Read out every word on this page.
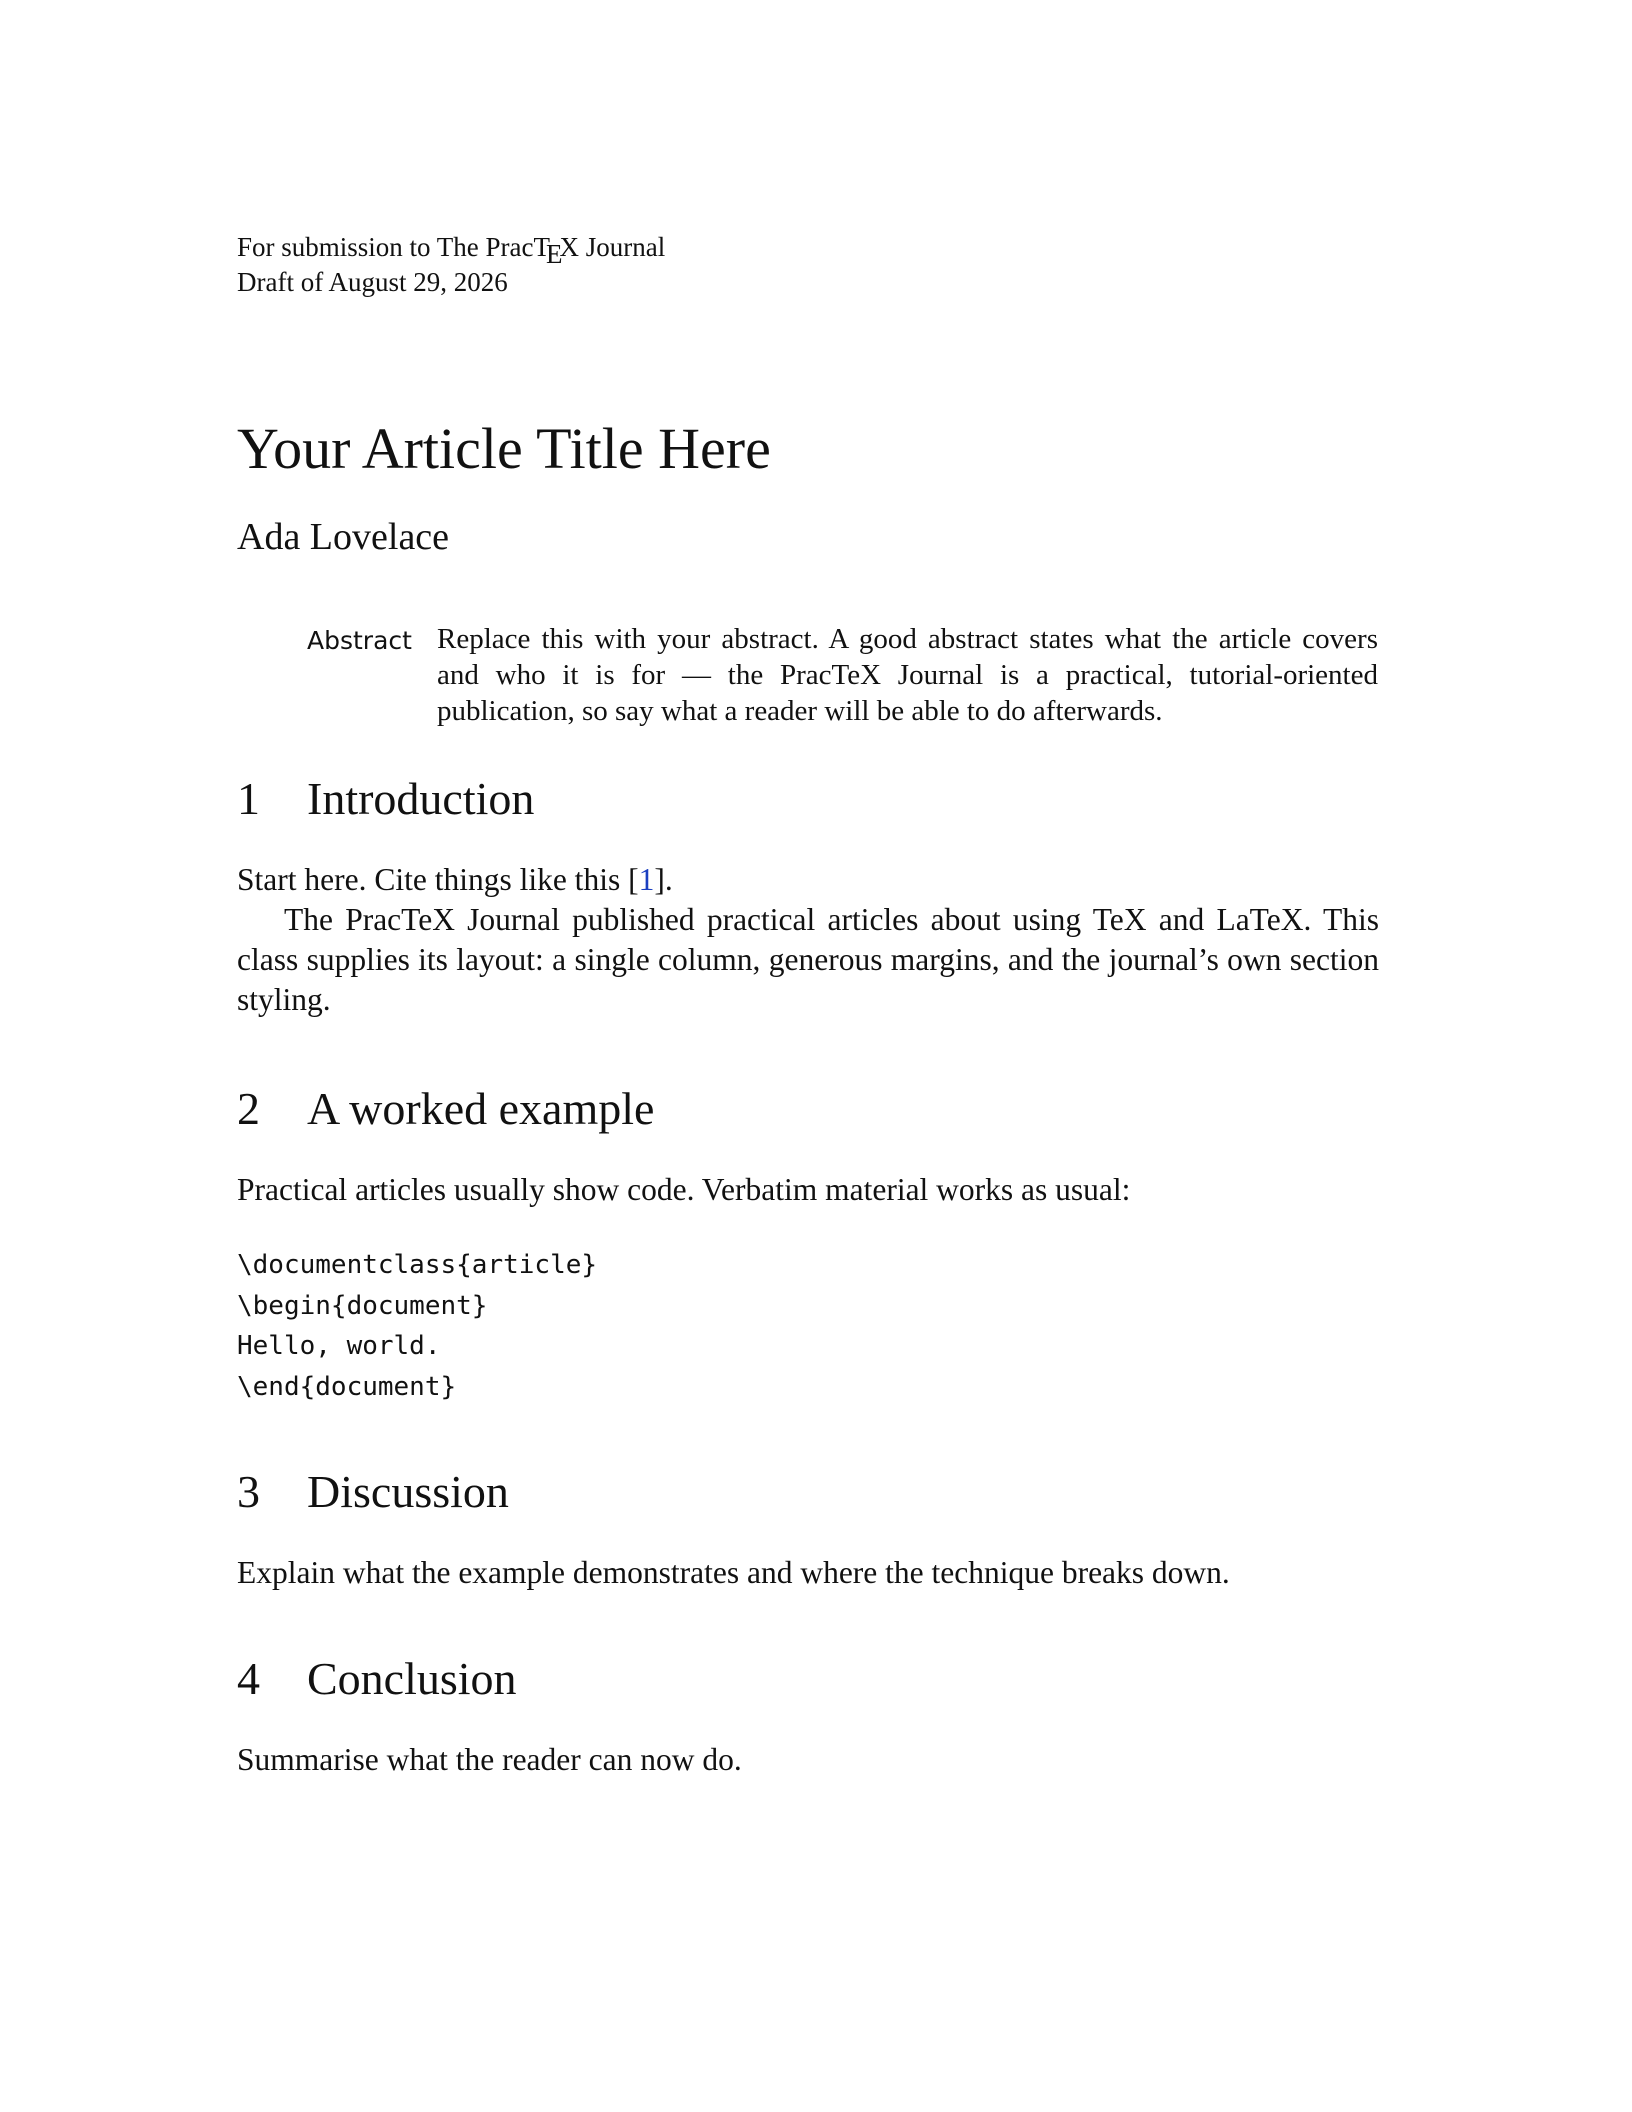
For submission to The PracTEX Journal
Draft of August 29, 2026
Your Article Title Here
Ada Lovelace
Abstract Replace this with your abstract. A good abstract states what the article covers and who it is for — the PracTeX Journal is a practical, tutorial-oriented publication, so say what a reader will be able to do afterwards.
1 Introduction

Start here. Cite things like this [1].

The PracTeX Journal published practical articles about using TeX and LaTeX. This class supplies its layout: a single column, generous margins, and the journal’s own section styling.

2 A worked example

Practical articles usually show code. Verbatim material works as usual:

\documentclass{article}
\begin{document}
Hello, world.
\end{document}
3 Discussion

Explain what the example demonstrates and where the technique breaks down.

4 Conclusion

Summarise what the reader can now do.
